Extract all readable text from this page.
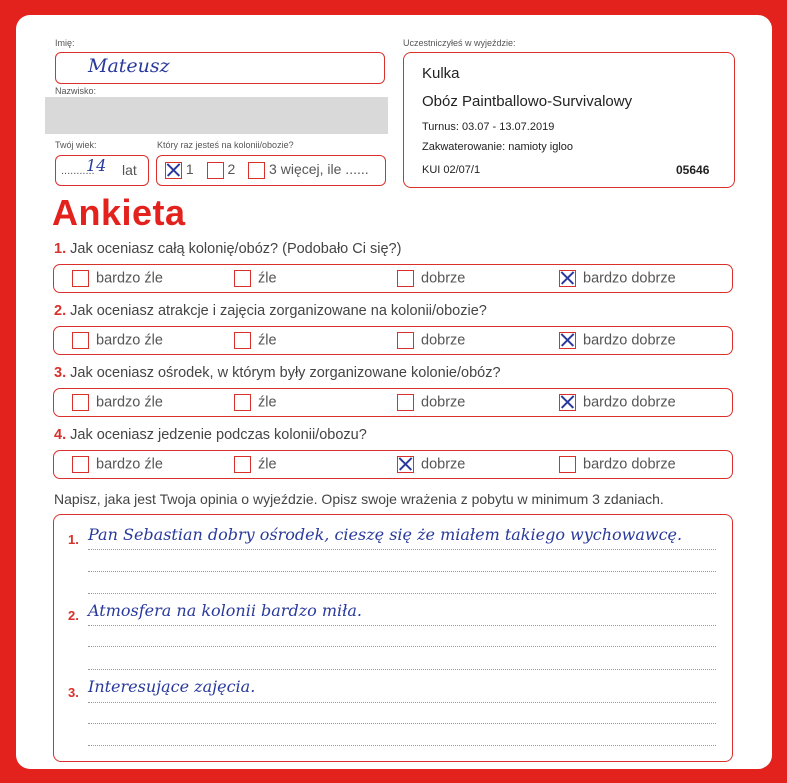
Imię:
Mateusz
Nazwisko:
Twój wiek:
...........
14 lat
Który raz jesteś na kolonii/obozie?
1 2 3 więcej, ile ......
Uczestniczyłeś w wyjeździe:
Kulka
Obóz Paintballowo-Survivalowy
Turnus: 03.07 - 13.07.2019
Zakwaterowanie: namioty igloo
KUI 02/07/1	05646
Ankieta
1. Jak oceniasz całą kolonię/obóz? (Podobało Ci się?)
bardzo źle	źle	dobrze	bardzo dobrze
2. Jak oceniasz atrakcje i zajęcia zorganizowane na kolonii/obozie?
bardzo źle	źle	dobrze	bardzo dobrze
3. Jak oceniasz ośrodek, w którym były zorganizowane kolonie/obóz?
bardzo źle	źle	dobrze	bardzo dobrze
4. Jak oceniasz jedzenie podczas kolonii/obozu?
bardzo źle	źle	dobrze	bardzo dobrze
Napisz, jaka jest Twoja opinia o wyjeździe. Opisz swoje wrażenia z pobytu w minimum 3 zdaniach.
1. Pan Sebastian dobry ośrodek, cieszę się że miałem takiego wychowawcę.
2. Atmosfera na kolonii bardzo miła.
3. Interesujące zajęcia.
